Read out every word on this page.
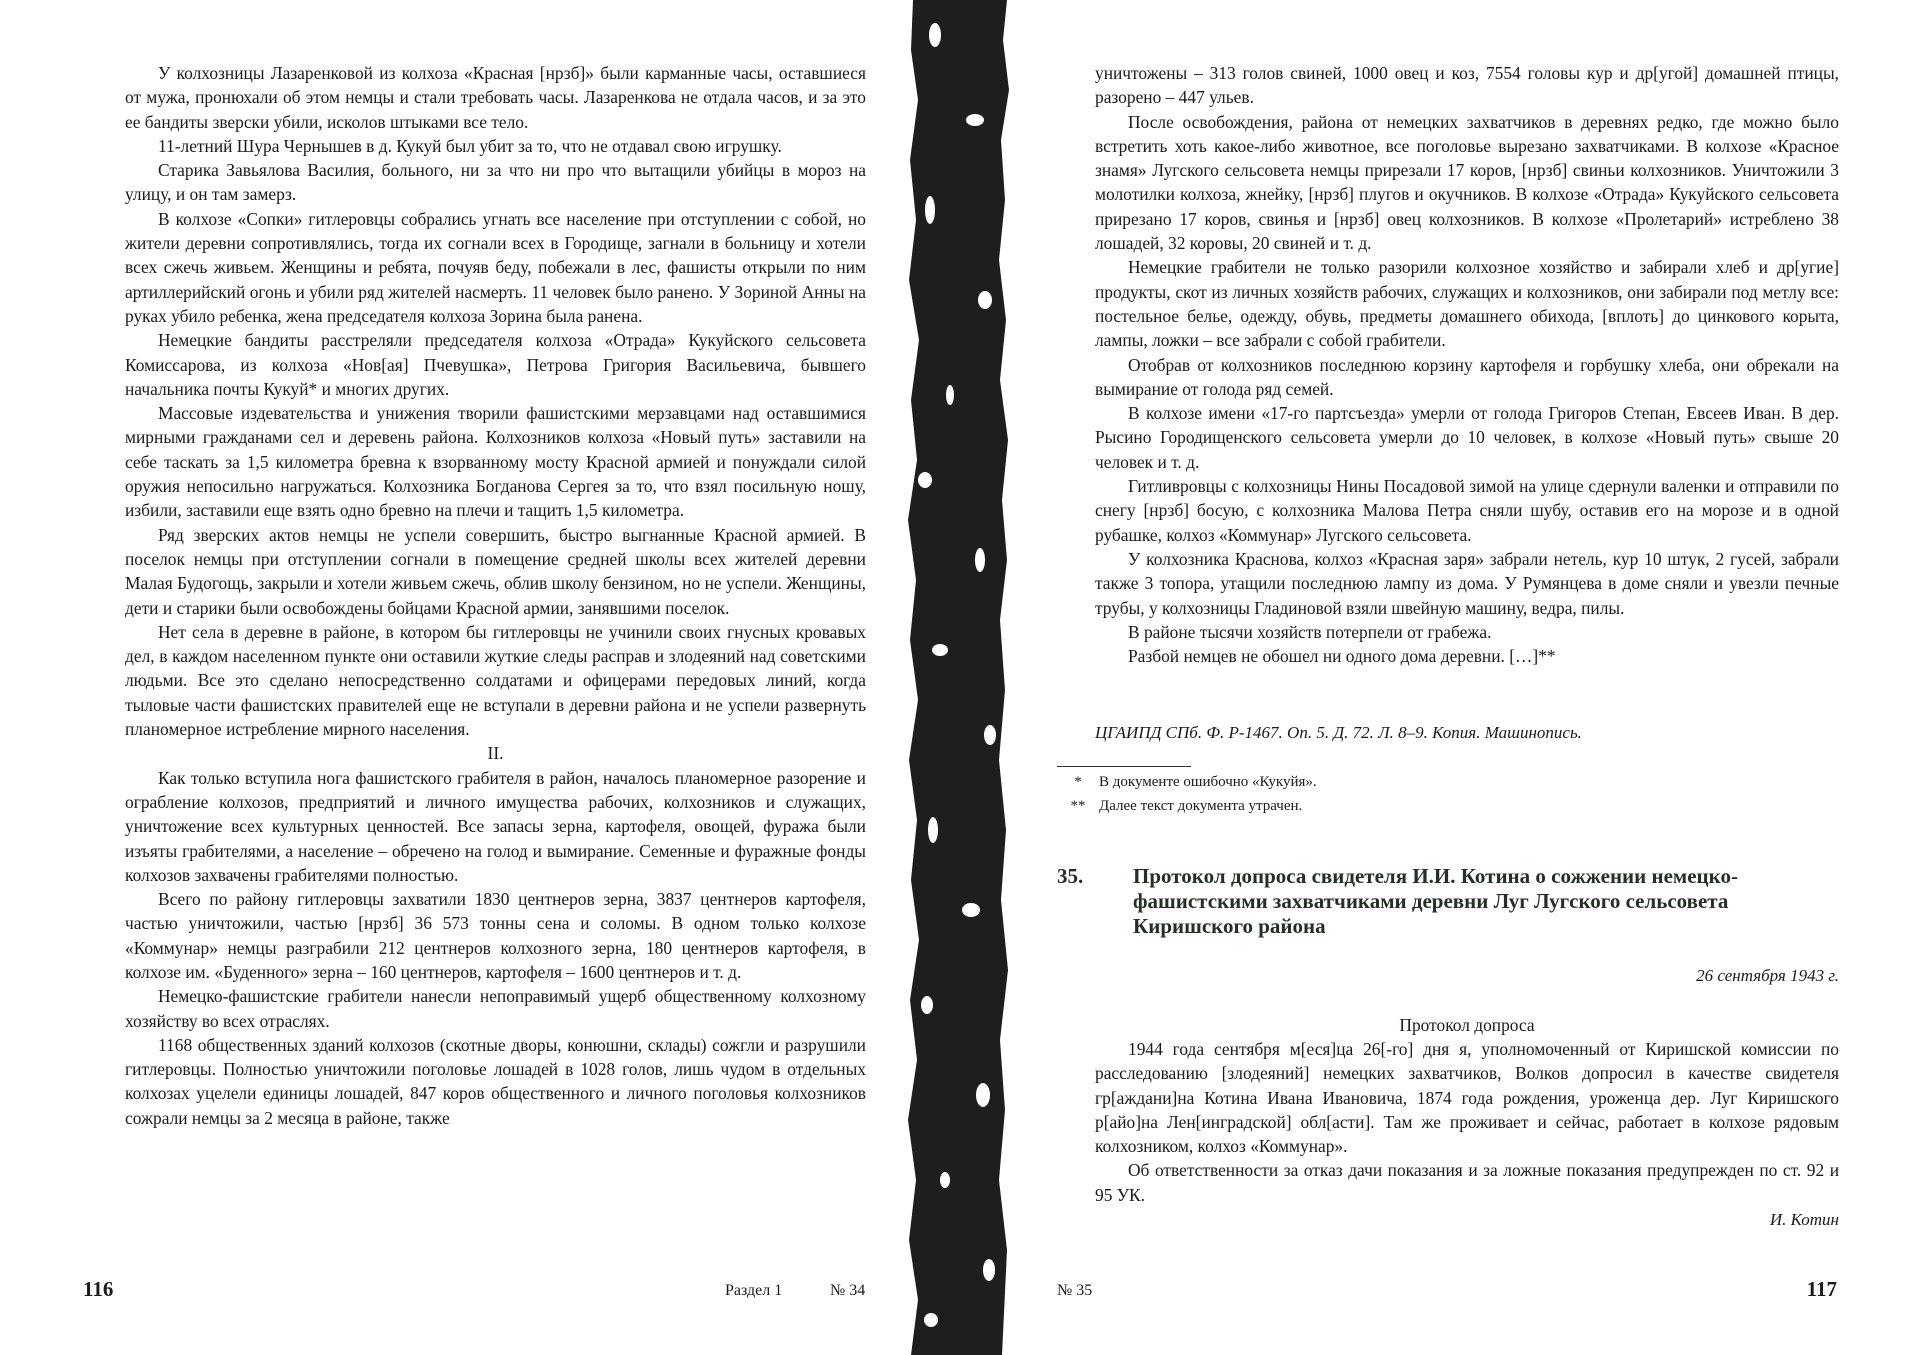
У колхозницы Лазаренковой из колхоза «Красная [нрзб]» были карманные часы, оставшиеся от мужа, пронюхали об этом немцы и стали требовать часы. Лазаренкова не отдала часов, и за это ее бандиты зверски убили, исколов штыками все тело.

11-летний Шура Чернышев в д. Кукуй был убит за то, что не отдавал свою игрушку.

Старика Завьялова Василия, больного, ни за что ни про что вытащили убийцы в мороз на улицу, и он там замерз.

В колхозе «Сопки» гитлеровцы собрались угнать все население при отступлении с собой, но жители деревни сопротивлялись, тогда их согнали всех в Городище, загнали в больницу и хотели всех сжечь живьем. Женщины и ребята, почуяв беду, побежали в лес, фашисты открыли по ним артиллерийский огонь и убили ряд жителей насмерть. 11 человек было ранено. У Зориной Анны на руках убило ребенка, жена председателя колхоза Зорина была ранена.

Немецкие бандиты расстреляли председателя колхоза «Отрада» Кукуйского сельсовета Комиссарова, из колхоза «Нов[ая] Пчевушка», Петрова Григория Васильевича, бывшего начальника почты Кукуй* и многих других.

Массовые издевательства и унижения творили фашистскими мерзавцами над оставшимися мирными гражданами сел и деревень района. Колхозников колхоза «Новый путь» заставили на себе таскать за 1,5 километра бревна к взорванному мосту Красной армией и понуждали силой оружия непосильно нагружаться. Колхозника Богданова Сергея за то, что взял посильную ношу, избили, заставили еще взять одно бревно на плечи и тащить 1,5 километра.

Ряд зверских актов немцы не успели совершить, быстро выгнанные Красной армией. В поселок немцы при отступлении согнали в помещение средней школы всех жителей деревни Малая Будогощь, закрыли и хотели живьем сжечь, облив школу бензином, но не успели. Женщины, дети и старики были освобождены бойцами Красной армии, занявшими поселок.

Нет села в деревне в районе, в котором бы гитлеровцы не учинили своих гнусных кровавых дел, в каждом населенном пункте они оставили жуткие следы расправ и злодеяний над советскими людьми. Все это сделано непосредственно солдатами и офицерами передовых линий, когда тыловые части фашистских правителей еще не вступали в деревни района и не успели развернуть планомерное истребление мирного населения.

II.

Как только вступила нога фашистского грабителя в район, началось планомерное разорение и ограбление колхозов, предприятий и личного имущества рабочих, колхозников и служащих, уничтожение всех культурных ценностей. Все запасы зерна, картофеля, овощей, фуража были изъяты грабителями, а население – обречено на голод и вымирание. Семенные и фуражные фонды колхозов захвачены грабителями полностью.

Всего по району гитлеровцы захватили 1830 центнеров зерна, 3837 центнеров картофеля, частью уничтожили, частью [нрзб] 36 573 тонны сена и соломы. В одном только колхозе «Коммунар» немцы разграбили 212 центнеров колхозного зерна, 180 центнеров картофеля, в колхозе им. «Буденного» зерна – 160 центнеров, картофеля – 1600 центнеров и т. д.

Немецко-фашистские грабители нанесли непоправимый ущерб общественному колхозному хозяйству во всех отраслях.

1168 общественных зданий колхозов (скотные дворы, конюшни, склады) сожгли и разрушили гитлеровцы. Полностью уничтожили поголовье лошадей в 1028 голов, лишь чудом в отдельных колхозах уцелели единицы лошадей, 847 коров общественного и личного поголовья колхозников сожрали немцы за 2 месяца в районе, также

116	Раздел 1	№ 34

уничтожены – 313 голов свиней, 1000 овец и коз, 7554 головы кур и др[угой] домашней птицы, разорено – 447 ульев.

После освобождения, района от немецких захватчиков в деревнях редко, где можно было встретить хоть какое-либо животное, все поголовье вырезано захватчиками. В колхозе «Красное знамя» Лугского сельсовета немцы прирезали 17 коров, [нрзб] свиньи колхозников. Уничтожили 3 молотилки колхоза, жнейку, [нрзб] плугов и окучников. В колхозе «Отрада» Кукуйского сельсовета прирезано 17 коров, свинья и [нрзб] овец колхозников. В колхозе «Пролетарий» истреблено 38 лошадей, 32 коровы, 20 свиней и т. д.

Немецкие грабители не только разорили колхозное хозяйство и забирали хлеб и др[угие] продукты, скот из личных хозяйств рабочих, служащих и колхозников, они забирали под метлу все: постельное белье, одежду, обувь, предметы домашнего обихода, [вплоть] до цинкового корыта, лампы, ложки – все забрали с собой грабители.

Отобрав от колхозников последнюю корзину картофеля и горбушку хлеба, они обрекали на вымирание от голода ряд семей.

В колхозе имени «17-го партсъезда» умерли от голода Григоров Степан, Евсеев Иван. В дер. Рысино Городищенского сельсовета умерли до 10 человек, в колхозе «Новый путь» свыше 20 человек и т. д.

Гитливровцы с колхозницы Нины Посадовой зимой на улице сдернули валенки и отправили по снегу [нрзб] босую, с колхозника Малова Петра сняли шубу, оставив его на морозе и в одной рубашке, колхоз «Коммунар» Лугского сельсовета.

У колхозника Краснова, колхоз «Красная заря» забрали нетель, кур 10 штук, 2 гусей, забрали также 3 топора, утащили последнюю лампу из дома. У Румянцева в доме сняли и увезли печные трубы, у колхозницы Гладиновой взяли швейную машину, ведра, пилы.

В районе тысячи хозяйств потерпели от грабежа.

Разбой немцев не обошел ни одного дома деревни. […]**

ЦГАИПД СПб. Ф. Р-1467. Оп. 5. Д. 72. Л. 8–9. Копия. Машинопись.
* В документе ошибочно «Кукуйя».
** Далее текст документа утрачен.
35. Протокол допроса свидетеля И.И. Котина о сожжении немецко-фашистскими захватчиками деревни Луг Лугского сельсовета Киришского района
26 сентября 1943 г.
Протокол допроса

1944 года сентября м[еся]ца 26[-го] дня я, уполномоченный от Киришской комиссии по расследованию [злодеяний] немецких захватчиков, Волков допросил в качестве свидетеля гр[аждани]на Котина Ивана Ивановича, 1874 года рождения, уроженца дер. Луг Киришского р[айо]на Лен[инградской] обл[асти]. Там же проживает и сейчас, работает в колхозе рядовым колхозником, колхоз «Коммунар».

Об ответственности за отказ дачи показания и за ложные показания предупрежден по ст. 92 и 95 УК.

И. Котин
№ 35	117
